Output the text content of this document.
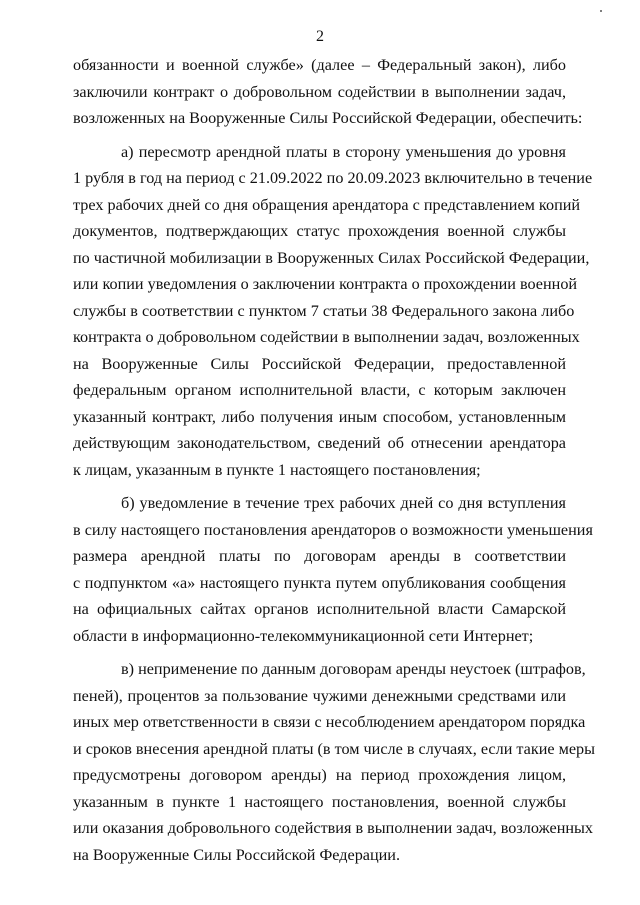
2
обязанности и военной службе» (далее – Федеральный закон), либо
заключили контракт о добровольном содействии в выполнении задач,
возложенных на Вооруженные Силы Российской Федерации, обеспечить:
а) пересмотр арендной платы в сторону уменьшения до уровня
1 рубля в год на период с 21.09.2022 по 20.09.2023 включительно в течение
трех рабочих дней со дня обращения арендатора с представлением копий
документов, подтверждающих статус прохождения военной службы
по частичной мобилизации в Вооруженных Силах Российской Федерации,
или копии уведомления о заключении контракта о прохождении военной
службы в соответствии с пунктом 7 статьи 38 Федерального закона либо
контракта о добровольном содействии в выполнении задач, возложенных
на Вооруженные Силы Российской Федерации, предоставленной
федеральным органом исполнительной власти, с которым заключен
указанный контракт, либо получения иным способом, установленным
действующим законодательством, сведений об отнесении арендатора
к лицам, указанным в пункте 1 настоящего постановления;
б) уведомление в течение трех рабочих дней со дня вступления
в силу настоящего постановления арендаторов о возможности уменьшения
размера арендной платы по договорам аренды в соответствии
с подпунктом «а» настоящего пункта путем опубликования сообщения
на официальных сайтах органов исполнительной власти Самарской
области в информационно-телекоммуникационной сети Интернет;
в) неприменение по данным договорам аренды неустоек (штрафов,
пеней), процентов за пользование чужими денежными средствами или
иных мер ответственности в связи с несоблюдением арендатором порядка
и сроков внесения арендной платы (в том числе в случаях, если такие меры
предусмотрены договором аренды) на период прохождения лицом,
указанным в пункте 1 настоящего постановления, военной службы
или оказания добровольного содействия в выполнении задач, возложенных
на Вооруженные Силы Российской Федерации.
